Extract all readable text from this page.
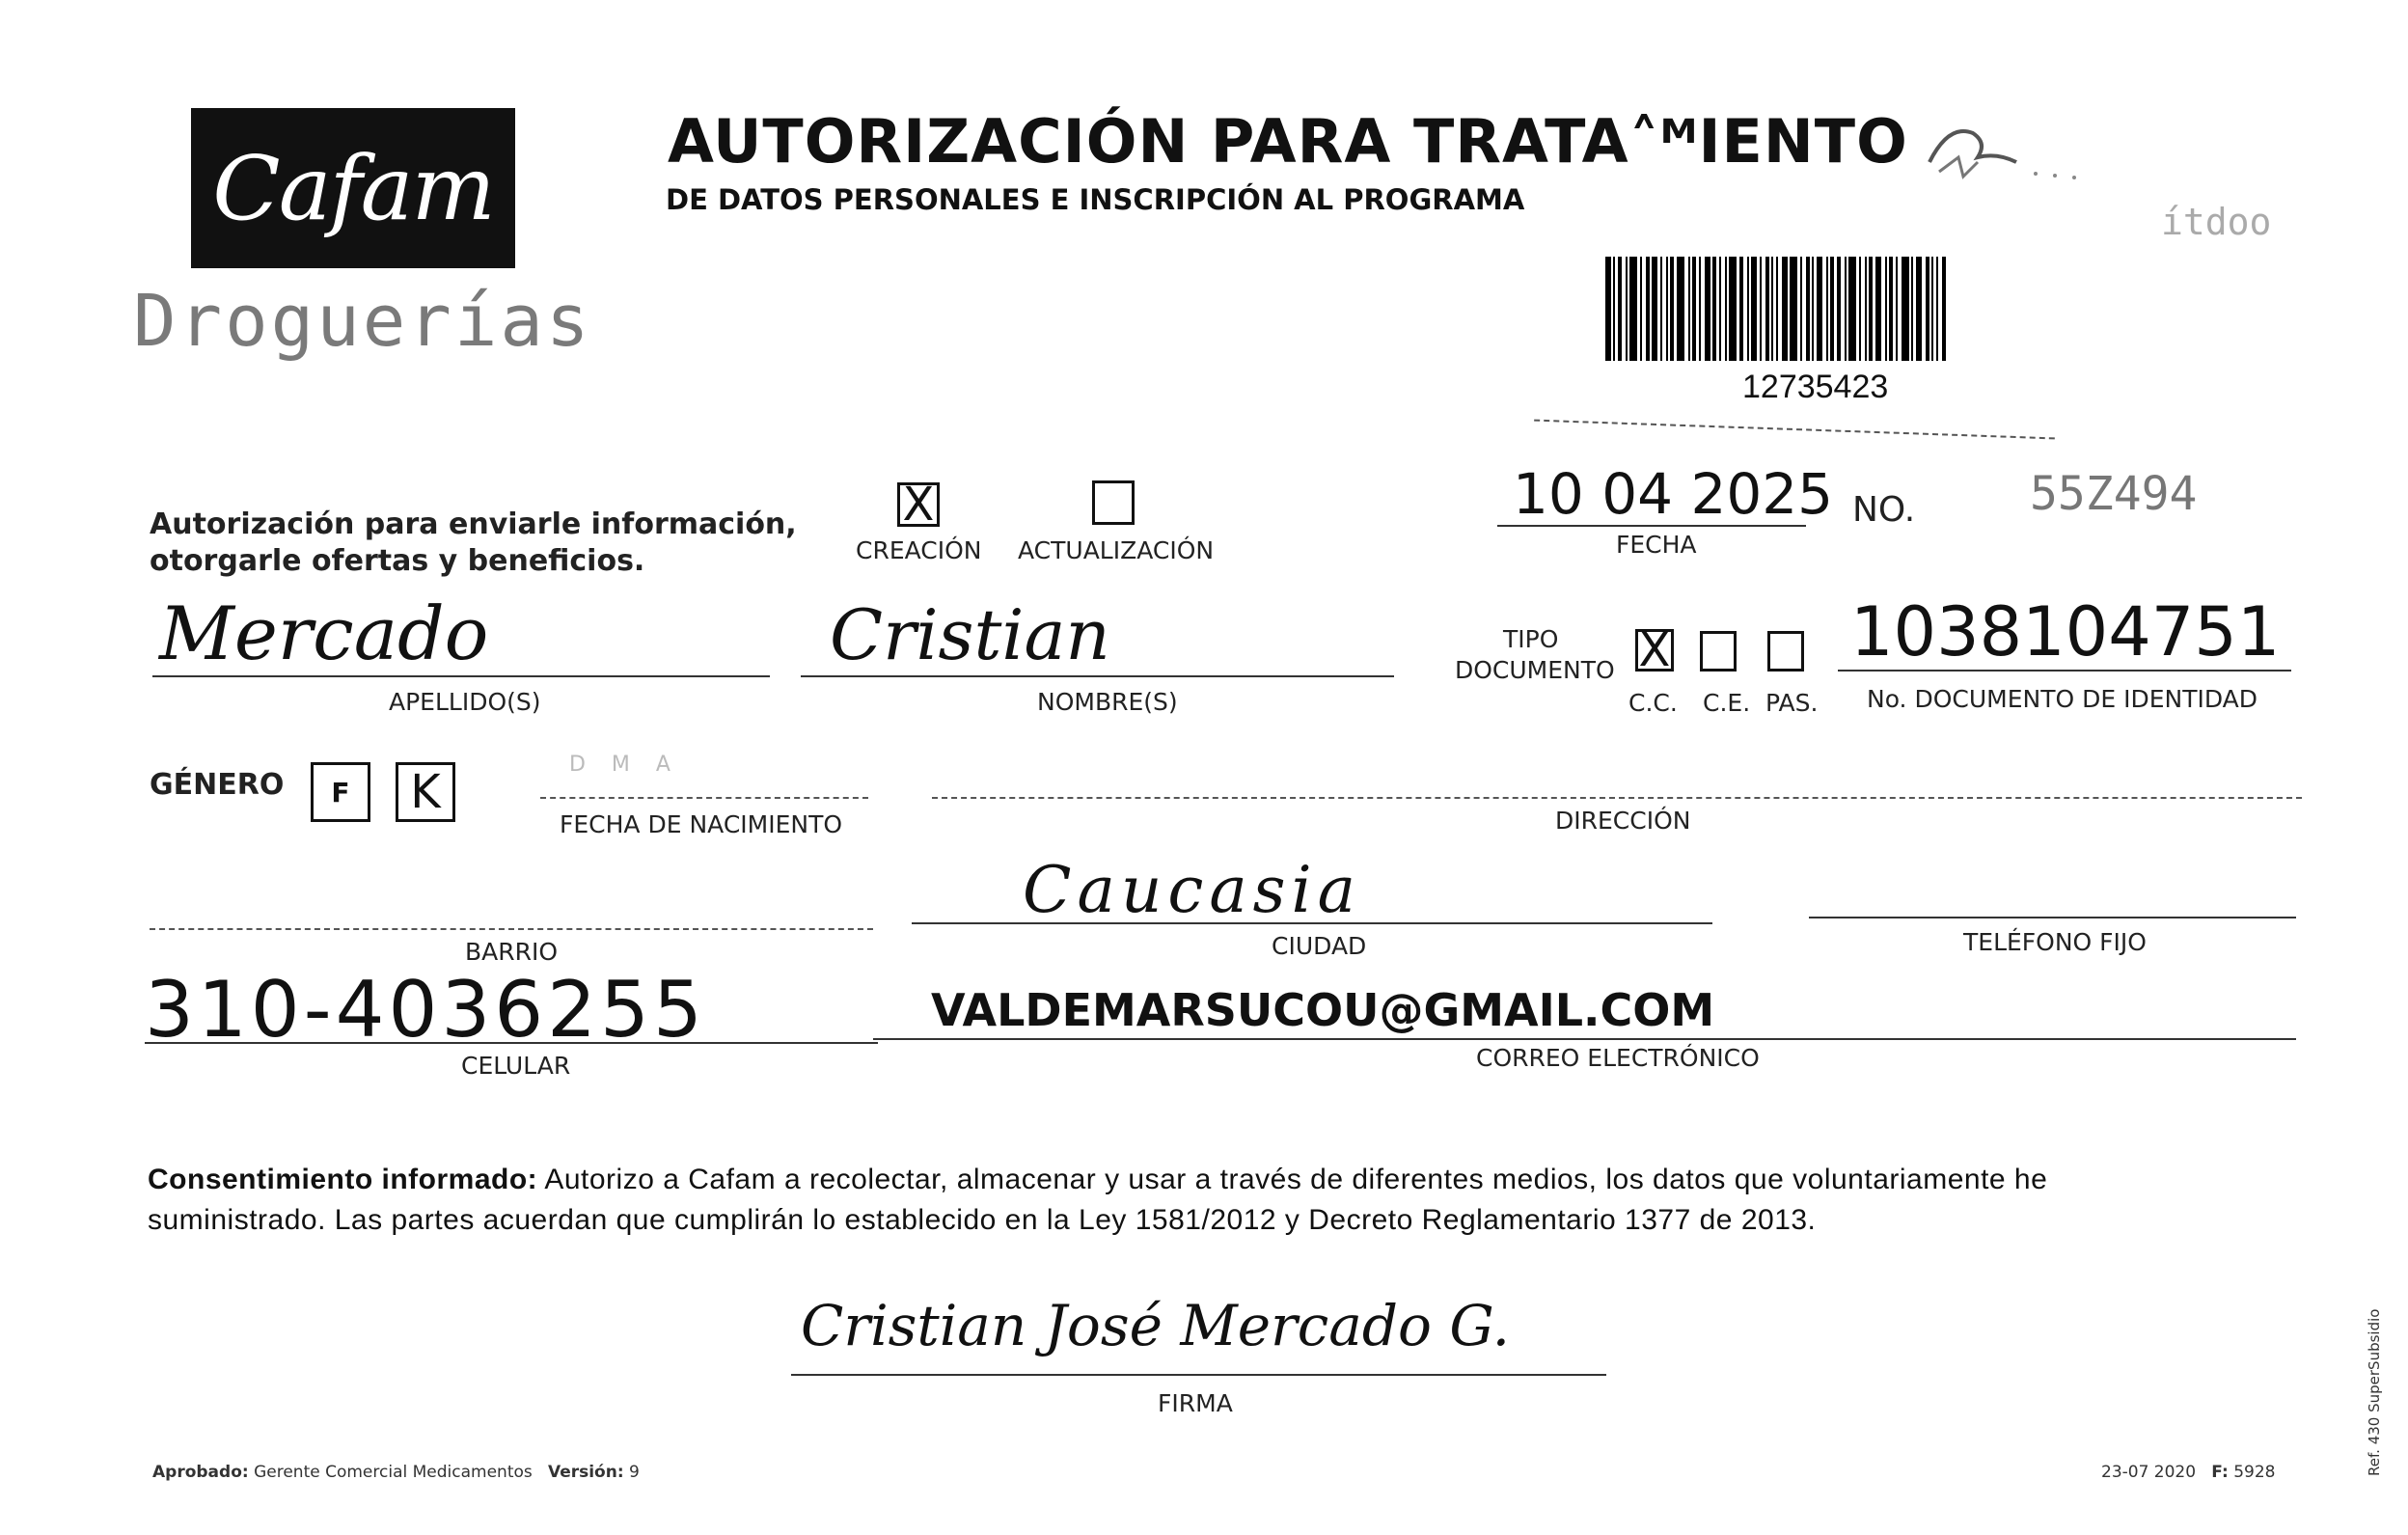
Cafam
Droguerías
AUTORIZACIÓN PARA TRATA˄ᴹIENTO
DE DATOS PERSONALES E INSCRIPCIÓN AL PROGRAMA
ítdoo
12735423
Autorización para enviarle información,
otorgarle ofertas y beneficios.
X
CREACIÓN ACTUALIZACIÓN
10 04 2025
FECHA
NO. 55Z494
Mercado
APELLIDO(S)
Cristian
NOMBRE(S)
TIPO
DOCUMENTO X
C.C. C.E. PAS.
1038104751
No. DOCUMENTO DE IDENTIDAD
GÉNERO F K
D M A
FECHA DE NACIMIENTO	DIRECCIÓN
BARRIO
Caucasia
CIUDAD	TELÉFONO FIJO
310-4036255
CELULAR
VALDEMARSUCOU@GMAIL.COM
CORREO ELECTRÓNICO
Consentimiento informado: Autorizo a Cafam a recolectar, almacenar y usar a través de diferentes medios, los datos que voluntariamente he
suministrado. Las partes acuerdan que cumplirán lo establecido en la Ley 1581/2012 y Decreto Reglamentario 1377 de 2013.
Cristian José Mercado G.
FIRMA
Aprobado: Gerente Comercial Medicamentos Versión: 9	23-07 2020 F: 5928	Ref. 430 SuperSubsidio
